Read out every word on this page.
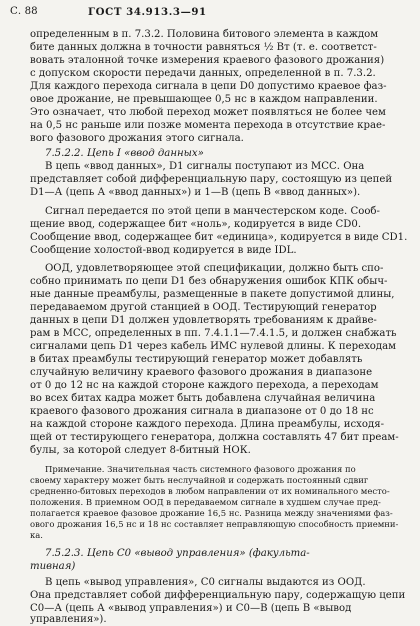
С. 88	ГОСТ 34.913.3—91
определенным в п. 7.3.2. Половина битового элемента в каждом
бите данных должна в точности равняться ½ Вт (т. е. соответст-
вовать эталонной точке измерения краевого фазового дрожания)
с допуском скорости передачи данных, определенной в п. 7.3.2.
Для каждого перехода сигнала в цепи D0 допустимо краевое фаз-
овое дрожание, не превышающее 0,5 нс в каждом направлении.
Это означает, что любой переход может появляться не более чем
на 0,5 нс раньше или позже момента перехода в отсутствие крае-
вого фазового дрожания этого сигнала.
7.5.2.2. Цепь I «ввод данных»
В цепь «ввод данных», D1 сигналы поступают из МСС. Она
представляет собой дифференциальную пару, состоящую из цепей
D1—А (цепь А «ввод данных») и 1—В (цепь В «ввод данных»).
Сигнал передается по этой цепи в манчестерском коде. Сооб-
щение ввод, содержащее бит «ноль», кодируется в виде CD0.
Сообщение ввод, содержащее бит «единица», кодируется в виде CD1.
Сообщение холостой-ввод кодируется в виде IDL.
ООД, удовлетворяющее этой спецификации, должно быть спо-
собно принимать по цепи D1 без обнаружения ошибок КПК обыч-
ные данные преамбулы, размещенные в пакете допустимой длины,
передаваемом другой станцией в ООД. Тестирующий генератор
данных в цепи D1 должен удовлетворять требованиям к драйве-
рам в МСС, определенных в пп. 7.4.1.1—7.4.1.5, и должен снабжать
сигналами цепь D1 через кабель ИМС нулевой длины. К переходам
в битах преамбулы тестирующий генератор может добавлять
случайную величину краевого фазового дрожания в диапазоне
от 0 до 12 нс на каждой стороне каждого перехода, а переходам
во всех битах кадра может быть добавлена случайная величина
краевого фазового дрожания сигнала в диапазоне от 0 до 18 нс
на каждой стороне каждого перехода. Длина преамбулы, исходя-
щей от тестирующего генератора, должна составлять 47 бит преам-
булы, за которой следует 8-битный НОК.
Примечание. Значительная часть системного фазового дрожания по
своему характеру может быть неслучайной и содержать постоянный сдвиг
средненно-битовых переходов в любом направлении от их номинального место-
положения. В приемном ООД в передаваемом сигнале в худшем случае пред-
полагается краевое фазовое дрожание 16,5 нс. Разница между значениями фаз-
ового дрожания 16,5 нс и 18 нс составляет неправляющую способность приемни-
ка.
7.5.2.3. Цепь С0 «вывод управления» (факульта-
тивная)
В цепь «вывод управления», C0 сигналы выдаются из ООД.
Она представляет собой дифференциальную пару, содержащую цепи
С0—А (цепь А «вывод управления») и С0—В (цепь В «вывод
управления»).
